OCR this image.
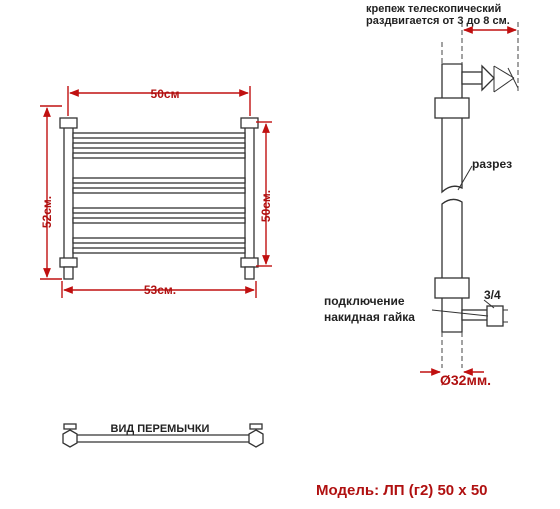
50см
53см.
52см.	50см.
крепеж телескопический
раздвигается от 3 до 8 см.
разрез
3/4
подключение
накидная гайка
Ø32мм.
ВИД ПЕРЕМЫЧКИ
Модель: ЛП (г2) 50 х 50
